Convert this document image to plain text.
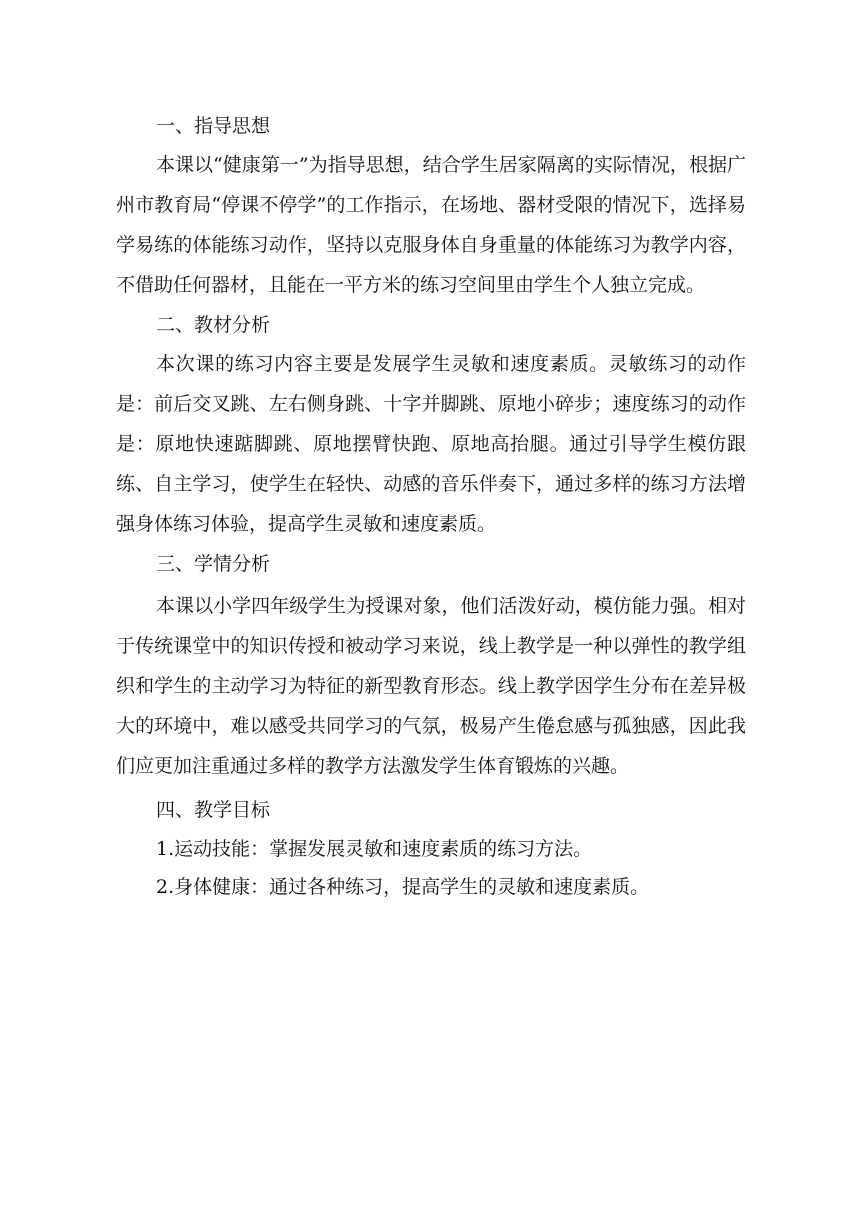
一、指导思想

本课以“健康第一”为指导思想，结合学生居家隔离的实际情况，根据广州市教育局“停课不停学”的工作指示，在场地、器材受限的情况下，选择易学易练的体能练习动作，坚持以克服身体自身重量的体能练习为教学内容，不借助任何器材，且能在一平方米的练习空间里由学生个人独立完成。

二、教材分析

本次课的练习内容主要是发展学生灵敏和速度素质。灵敏练习的动作是：前后交叉跳、左右侧身跳、十字并脚跳、原地小碎步；速度练习的动作是：原地快速踮脚跳、原地摆臂快跑、原地高抬腿。通过引导学生模仿跟练、自主学习，使学生在轻快、动感的音乐伴奏下，通过多样的练习方法增强身体练习体验，提高学生灵敏和速度素质。

三、学情分析

本课以小学四年级学生为授课对象，他们活泼好动，模仿能力强。相对于传统课堂中的知识传授和被动学习来说，线上教学是一种以弹性的教学组织和学生的主动学习为特征的新型教育形态。线上教学因学生分布在差异极大的环境中，难以感受共同学习的气氛，极易产生倦怠感与孤独感，因此我们应更加注重通过多样的教学方法激发学生体育锻炼的兴趣。

四、教学目标

1.运动技能：掌握发展灵敏和速度素质的练习方法。

2.身体健康：通过各种练习，提高学生的灵敏和速度素质。
